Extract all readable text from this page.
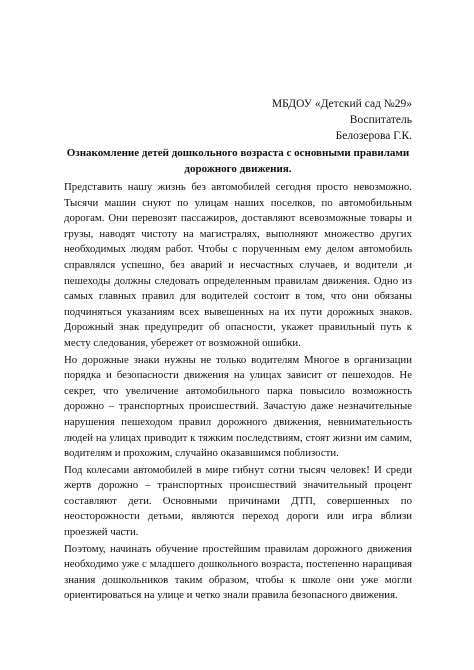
МБДОУ «Детский сад №29»
Воспитатель
Белозерова Г.К.
Ознакомление детей дошкольного возраста с основными правилами дорожного движения.

Представить нашу жизнь без автомобилей сегодня просто невозможно. Тысячи машин снуют по улицам наших поселков, по автомобильным дорогам. Они перевозят пассажиров, доставляют всевозможные товары и грузы, наводят чистоту на магистралях, выполняют множество других необходимых людям работ. Чтобы с порученным ему делом автомобиль справлялся успешно, без аварий и несчастных случаев, и водители ,и пешеходы должны следовать определенным правилам движения. Одно из самых главных правил для водителей состоит в том, что они обязаны подчиняться указаниям всех вывешенных на их пути дорожных знаков. Дорожный знак предупредит об опасности, укажет правильный путь к месту следования, убережет от возможной ошибки.

Но дорожные знаки нужны не только водителям Многое в организации порядка и безопасности движения на улицах зависит от пешеходов. Не секрет, что увеличение автомобильного парка повысило возможность дорожно – транспортных происшествий. Зачастую даже незначительные нарушения пешеходом правил дорожного движения, невнимательность людей на улицах приводит к тяжким последствиям, стоят жизни им самим, водителям и прохожим, случайно оказавшимся поблизости.

Под колесами автомобилей в мире гибнут сотни тысяч человек! И среди жертв дорожно – транспортных происшествий значительный процент составляют дети. Основными причинами ДТП, совершенных по неосторожности детьми, являются переход дороги или игра вблизи проезжей части.

Поэтому, начинать обучение простейшим правилам дорожного движения необходимо уже с младшего дошкольного возраста, постепенно наращивая знания дошкольников таким образом, чтобы к школе они уже могли ориентироваться на улице и четко знали правила безопасного движения.
